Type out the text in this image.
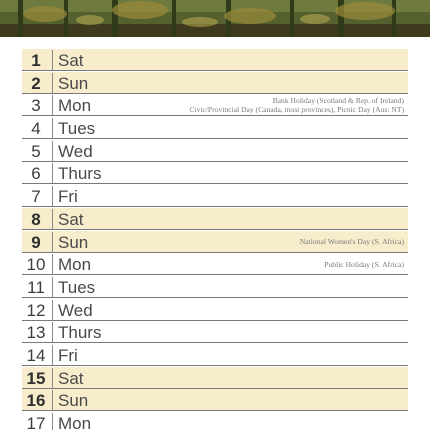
1	Sat
2	Sun
3	Mon	Bank Holiday (Scotland & Rep. of Ireland)
Civic/Provincial Day (Canada, most provinces), Picnic Day (Aus: NT)
4	Tues
5	Wed
6	Thurs
7	Fri
8	Sat
9	Sun	National Women's Day (S. Africa)
10 Mon	Public Holiday (S. Africa)
11 Tues
12 Wed
13 Thurs
14 Fri
15 Sat
16 Sun
17 Mon
